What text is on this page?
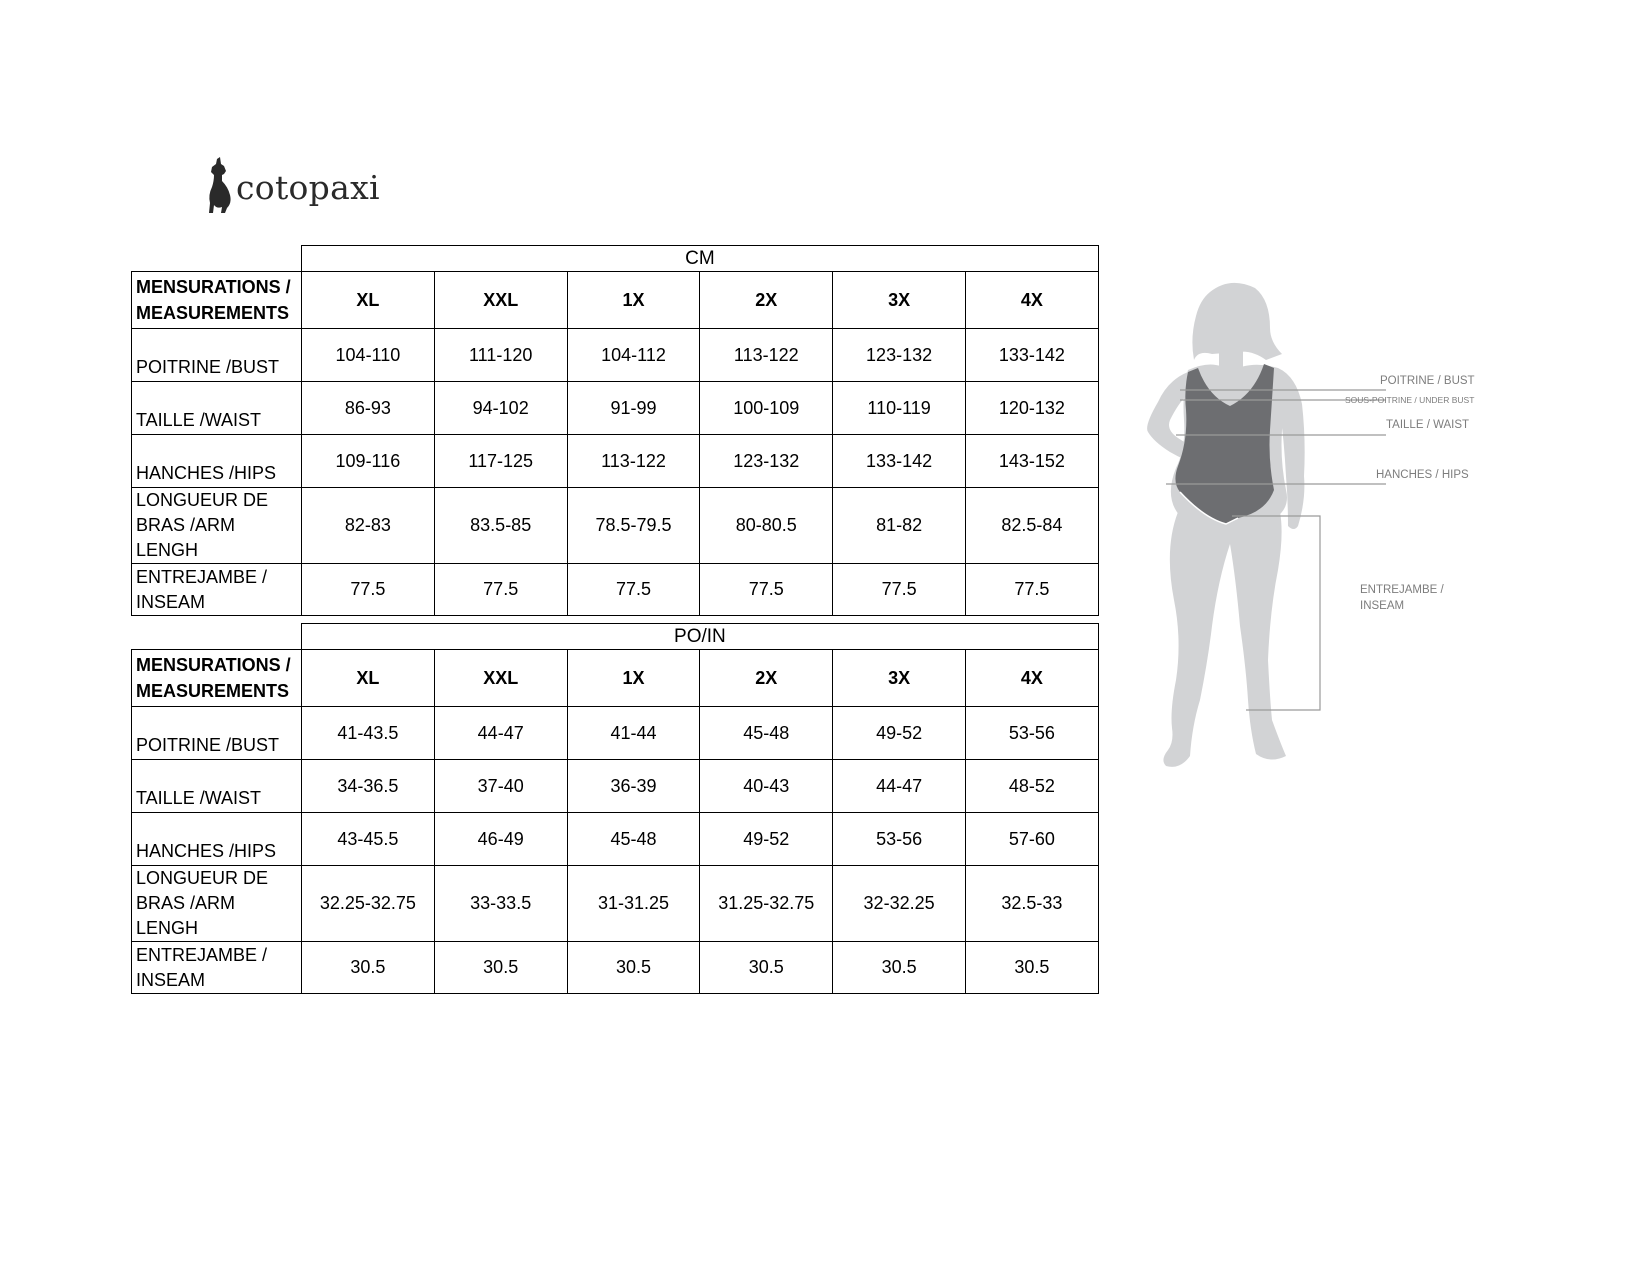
cotopaxi
	CM					
MENSURATIONS /
MEASUREMENTS	XL	XXL	1X	2X	3X	4X
POITRINE /BUST	104-110	111-120	104-112	113-122	123-132	133-142
TAILLE /WAIST	86-93	94-102	91-99	100-109	110-119	120-132
HANCHES /HIPS	109-116	117-125	113-122	123-132	133-142	143-152
LONGUEUR DE
BRAS /ARM LENGH	82-83	83.5-85	78.5-79.5	80-80.5	81-82	82.5-84
ENTREJAMBE /
INSEAM	77.5	77.5	77.5	77.5	77.5	77.5
	PO/IN					
MENSURATIONS /
MEASUREMENTS	XL	XXL	1X	2X	3X	4X
POITRINE /BUST	41-43.5	44-47	41-44	45-48	49-52	53-56
TAILLE /WAIST	34-36.5	37-40	36-39	40-43	44-47	48-52
HANCHES /HIPS	43-45.5	46-49	45-48	49-52	53-56	57-60
LONGUEUR DE
BRAS /ARM LENGH	32.25-32.75	33-33.5	31-31.25	31.25-32.75	32-32.25	32.5-33
ENTREJAMBE /
INSEAM	30.5	30.5	30.5	30.5	30.5	30.5
POITRINE / BUST
SOUS-POITRINE / UNDER BUST
TAILLE / WAIST
HANCHES / HIPS
ENTREJAMBE /
INSEAM
